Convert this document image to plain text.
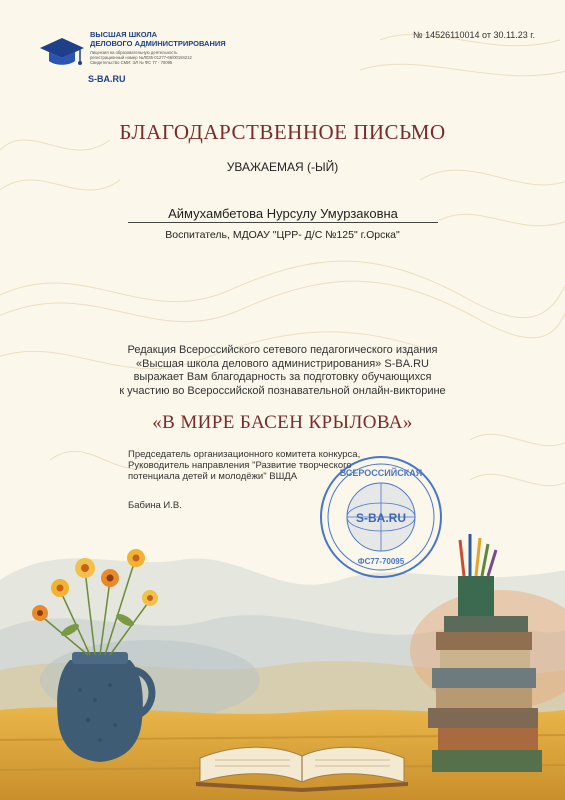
ВЫСШАЯ ШКОЛА
ДЕЛОВОГО АДМИНИСТРИРОВАНИЯ
Лицензия на образовательную деятельность
регистрационный номер №Л035-01277-66/00184212
Свидетельство СМИ: ЭЛ № ФС 77 - 70095
S-BA.RU
№ 14526110014 от 30.11.23 г.
БЛАГОДАРСТВЕННОЕ ПИСЬМО
УВАЖАЕМАЯ (-ЫЙ)
Аймухамбетова Нурсулу Умурзаковна
Воспитатель, МДОАУ "ЦРР- Д/С №125" г.Орска"
Редакция Всероссийского сетевого педагогического издания
«Высшая школа делового администрирования» S-BA.RU
выражает Вам благодарность за подготовку обучающихся
к участию во Всероссийской познавательной онлайн-викторине
«В МИРЕ БАСЕН КРЫЛОВА»
Председатель организационного комитета конкурса,
Руководитель направления "Развитие творческого
потенциала детей и молодёжи" ВШДА
Бабина И.В.
ВСЕРОССИЙСКАЯ
S-BA.RU
ФС77-70095
